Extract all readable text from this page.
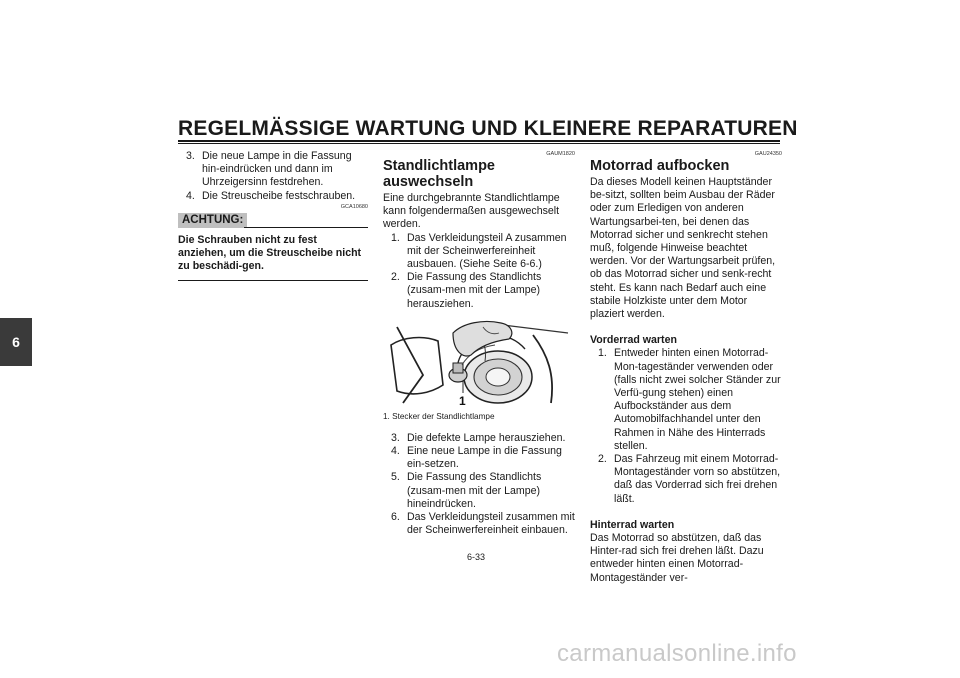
REGELMÄSSIGE WARTUNG UND KLEINERE REPARATUREN
6
3. Die neue Lampe in die Fassung hin-eindrücken und dann im Uhrzeigersinn festdrehen.
4. Die Streuscheibe festschrauben.
GCA10680
ACHTUNG:

Die Schrauben nicht zu fest anziehen, um die Streuscheibe nicht zu beschädi-gen.

GAUM1820
Standlichtlampe auswechseln

Eine durchgebrannte Standlichtlampe kann folgendermaßen ausgewechselt werden.

1. Das Verkleidungsteil A zusammen mit der Scheinwerfereinheit ausbauen. (Siehe Seite 6-6.)
2. Die Fassung des Standlichts (zusam-men mit der Lampe) herausziehen.
1
1. Stecker der Standlichtlampe
3. Die defekte Lampe herausziehen.
4. Eine neue Lampe in die Fassung ein-setzen.
5. Die Fassung des Standlichts (zusam-men mit der Lampe) hineindrücken.
6. Das Verkleidungsteil zusammen mit der Scheinwerfereinheit einbauen.
GAU24350
Motorrad aufbocken

Da dieses Modell keinen Hauptständer be-sitzt, sollten beim Ausbau der Räder oder zum Erledigen von anderen Wartungsarbei-ten, bei denen das Motorrad sicher und senkrecht stehen muß, folgende Hinweise beachtet werden. Vor der Wartungsarbeit prüfen, ob das Motorrad sicher und senk-recht steht. Es kann nach Bedarf auch eine stabile Holzkiste unter dem Motor plaziert werden.

Vorderrad warten

1. Entweder hinten einen Motorrad-Mon-tageständer verwenden oder (falls nicht zwei solcher Ständer zur Verfü-gung stehen) einen Aufbockständer aus dem Automobilfachhandel unter den Rahmen in Nähe des Hinterrads stellen.
2. Das Fahrzeug mit einem Motorrad-Montageständer vorn so abstützen, daß das Vorderrad sich frei drehen läßt.

Hinterrad warten

Das Motorrad so abstützen, daß das Hinter-rad sich frei drehen läßt. Dazu entweder hinten einen Motorrad-Montageständer ver-

6-33
carmanualsonline.info
